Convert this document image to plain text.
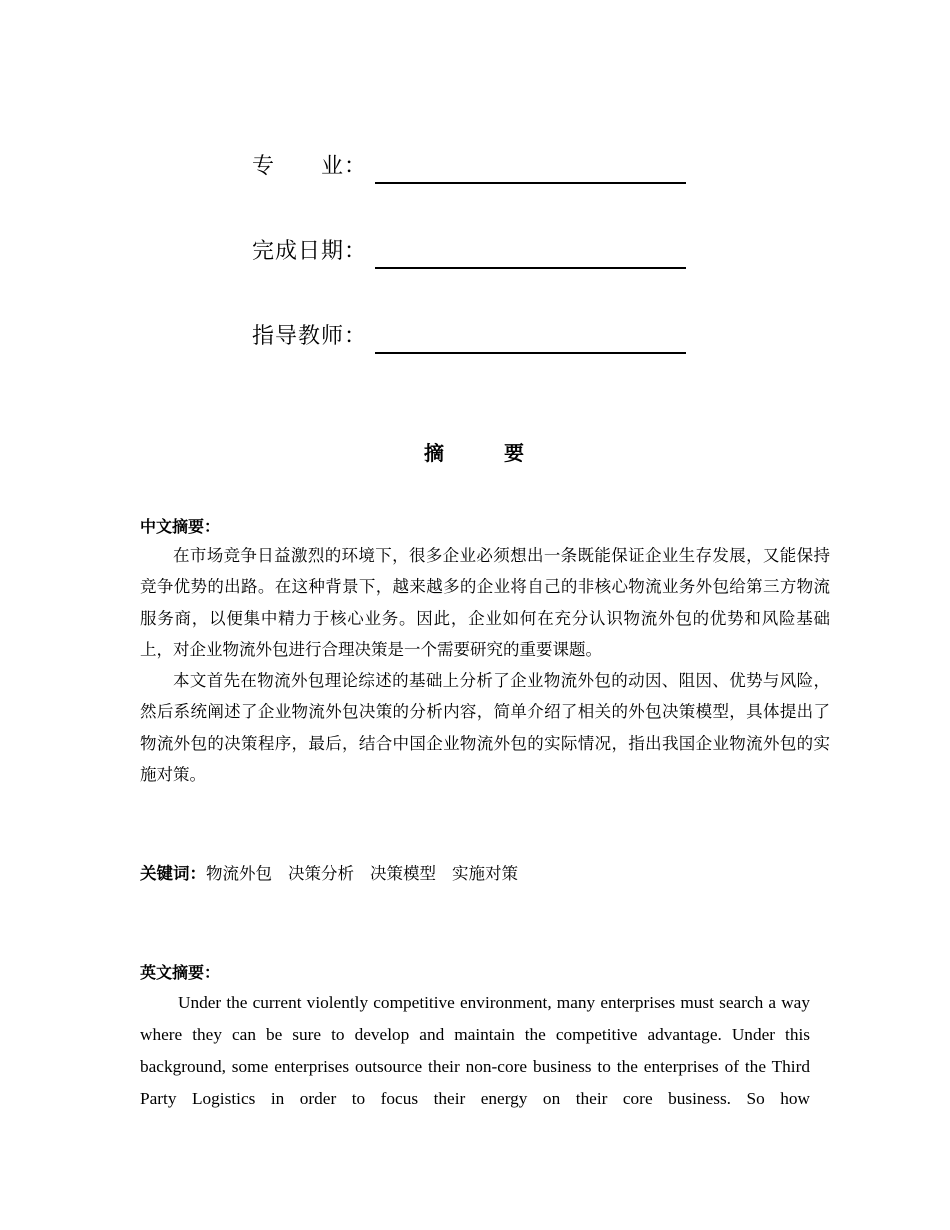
专　　业：
完成日期：
指导教师：
摘	要
中文摘要：

在市场竞争日益激烈的环境下，很多企业必须想出一条既能保证企业生存发展，又能保持竞争优势的出路。在这种背景下，越来越多的企业将自己的非核心物流业务外包给第三方物流服务商，以便集中精力于核心业务。因此，企业如何在充分认识物流外包的优势和风险基础上，对企业物流外包进行合理决策是一个需要研究的重要课题。

本文首先在物流外包理论综述的基础上分析了企业物流外包的动因、阻因、优势与风险，然后系统阐述了企业物流外包决策的分析内容，简单介绍了相关的外包决策模型，具体提出了物流外包的决策程序，最后，结合中国企业物流外包的实际情况，指出我国企业物流外包的实施对策。

关键词：物流外包 决策分析 决策模型 实施对策
英文摘要：

Under the current violently competitive environment, many enterprises must search a way where they can be sure to develop and maintain the competitive advantage. Under this background, some enterprises outsource their non-core business to the enterprises of the Third Party Logistics in order to focus their energy on their core business. So how
